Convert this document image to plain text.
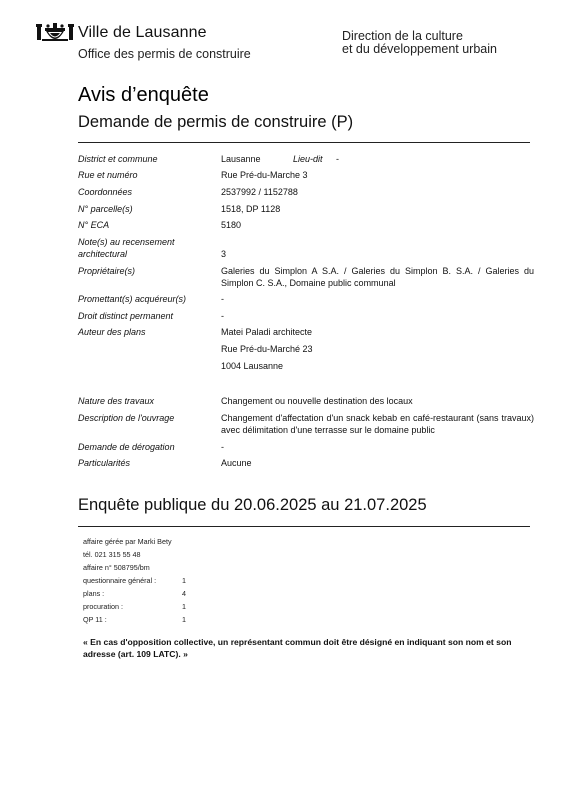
Ville de Lausanne
Office des permis de construire
Direction de la culture
et du développement urbain
Avis d’enquête
Demande de permis de construire (P)
District et commune	Lausanne	Lieu-dit -
Rue et numéro	Rue Pré-du-Marche 3
Coordonnées	2537992 / 1152788
N° parcelle(s)	1518, DP 1128
N° ECA	5180
Note(s) au recensement
architectural	3
Propriétaire(s)	Galeries du Simplon A S.A. / Galeries du Simplon B. S.A. / Galeries du Simplon C. S.A., Domaine public communal
Promettant(s) acquéreur(s)	-
Droit distinct permanent	-
Auteur des plans	Matei Paladi architecte
Rue Pré-du-Marché 23
1004 Lausanne
Nature des travaux	Changement ou nouvelle destination des locaux
Description de l'ouvrage	Changement d'affectation d'un snack kebab en café-restaurant (sans travaux) avec délimitation d'une terrasse sur le domaine public
Demande de dérogation	-
Particularités	Aucune
Enquête publique du 20.06.2025 au 21.07.2025
affaire gérée par Marki Bety
tél. 021 315 55 48
affaire n° 508795/bm
questionnaire général :	1
plans :	4
procuration :	1
QP 11 :	1
« En cas d'opposition collective, un représentant commun doit être désigné en indiquant son nom et son adresse (art. 109 LATC). »
